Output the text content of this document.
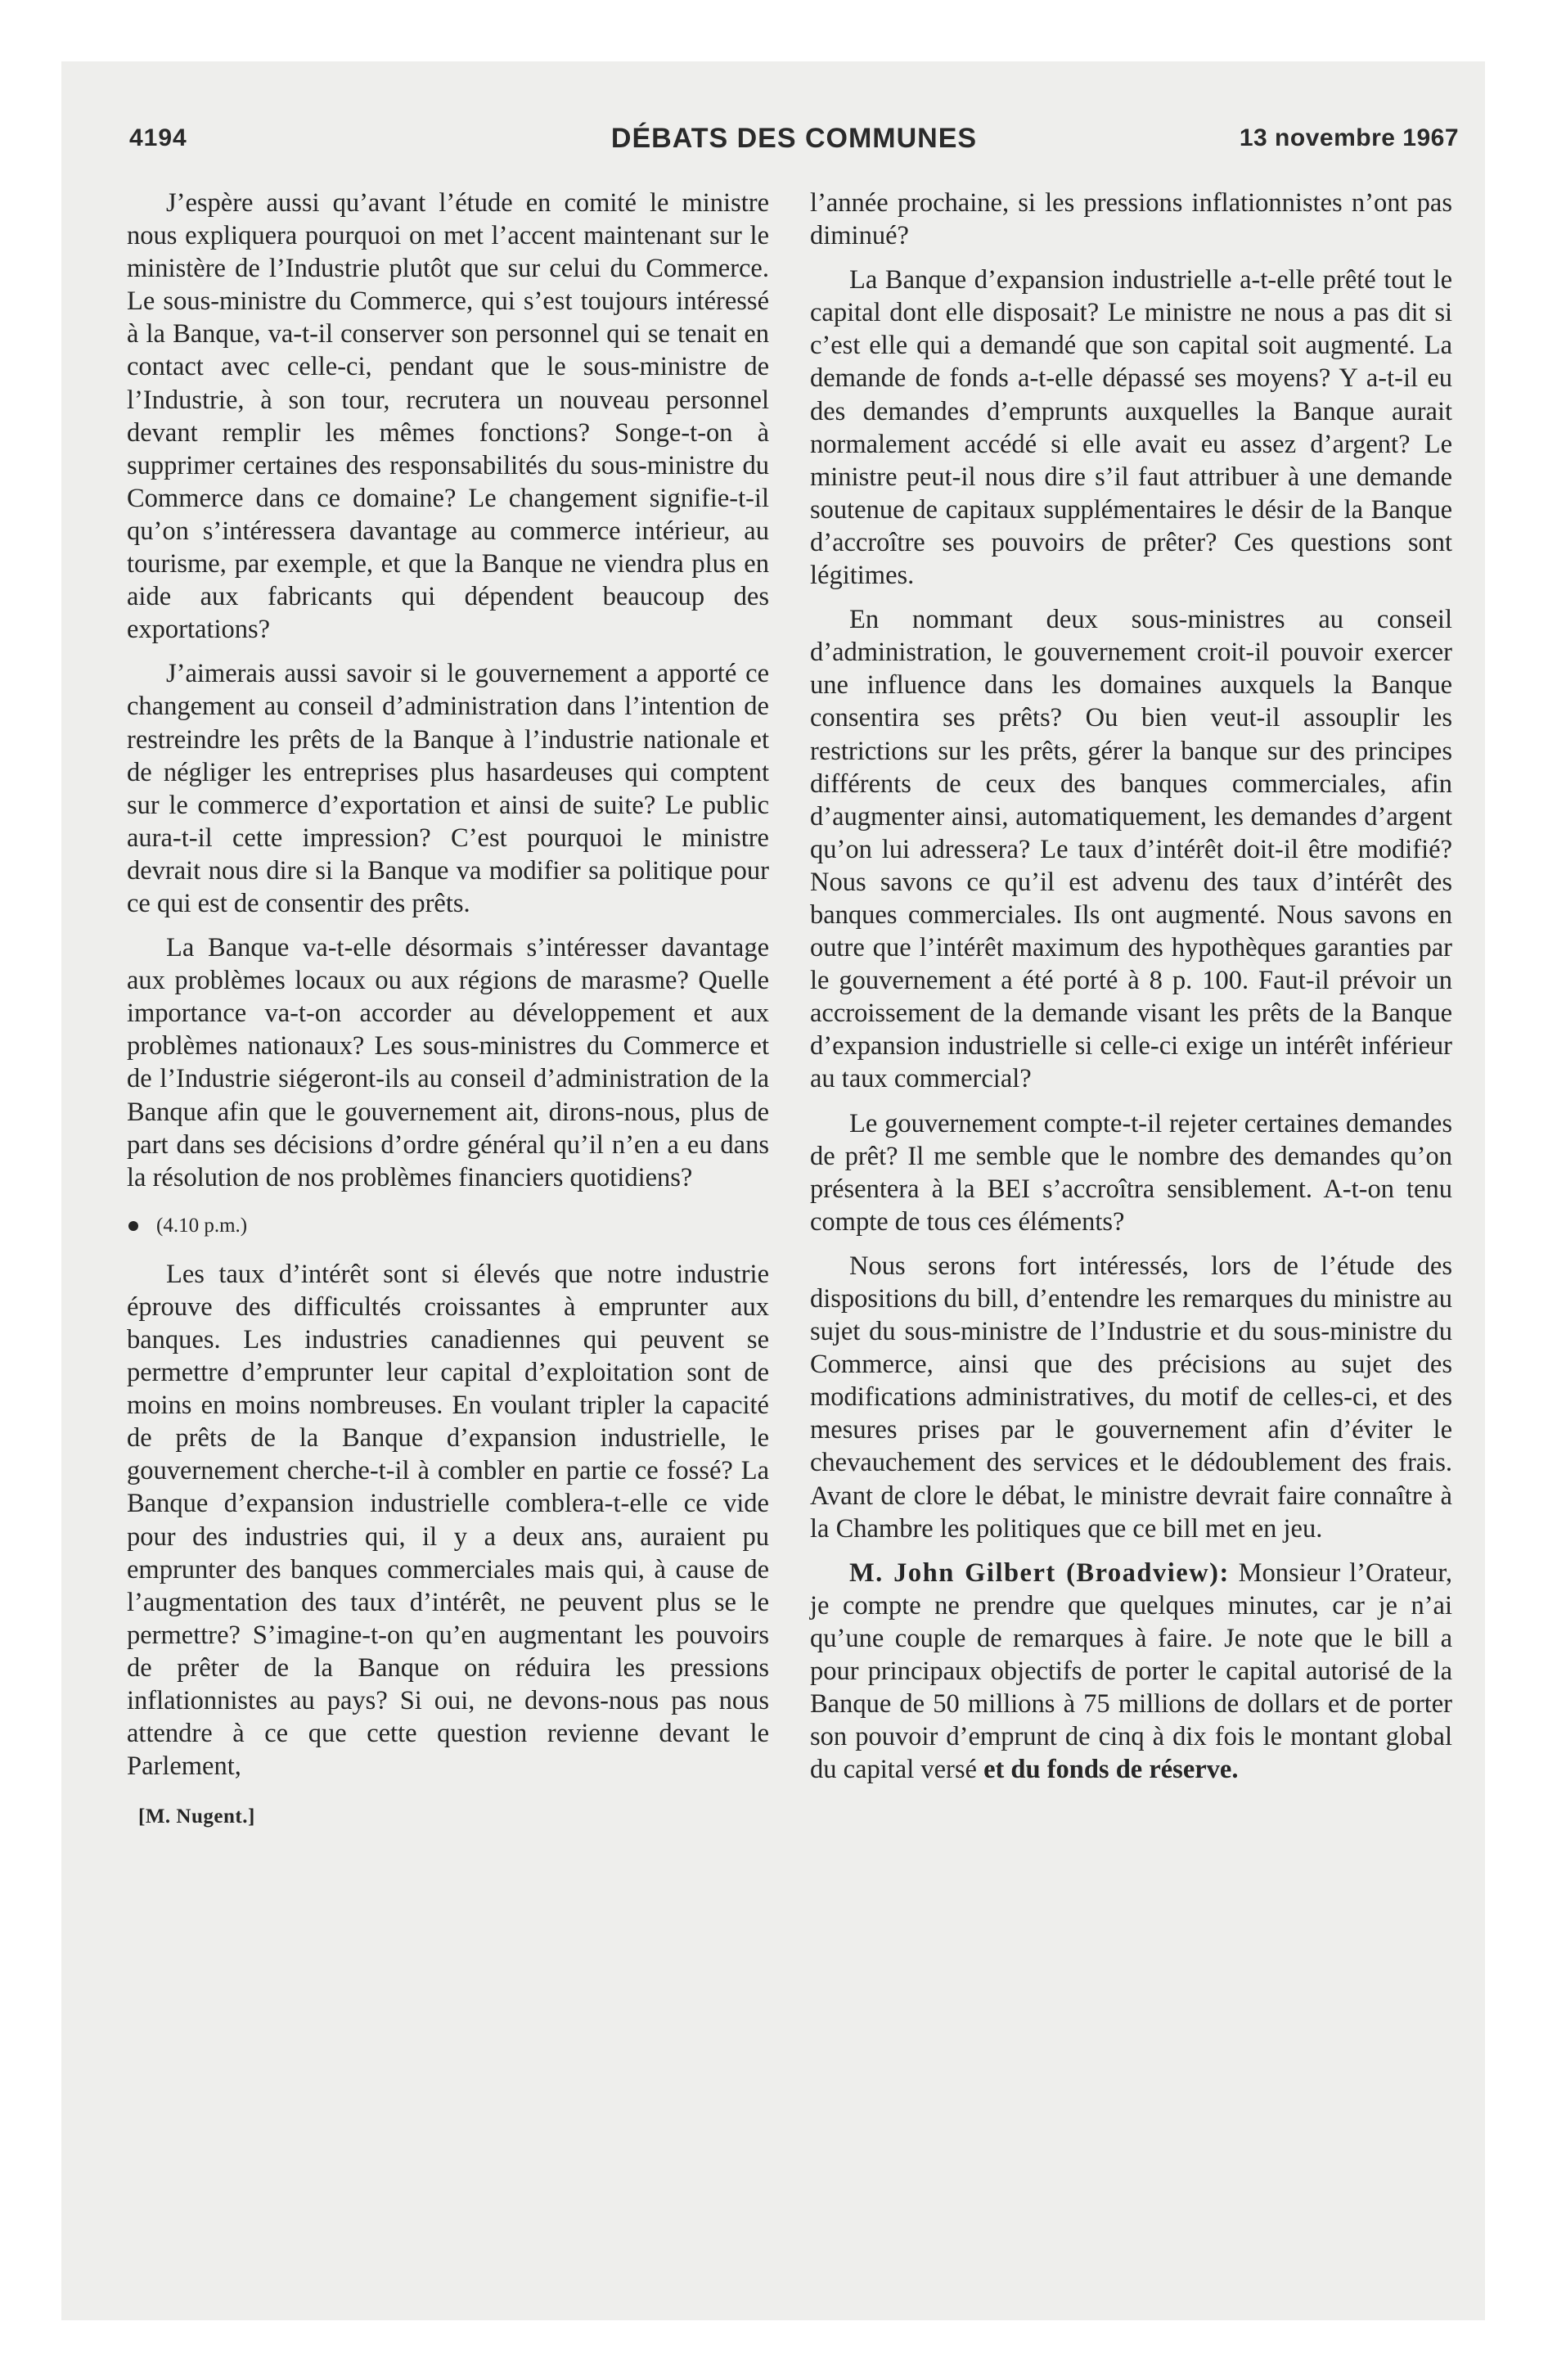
4194	DÉBATS DES COMMUNES	13 novembre 1967

J’espère aussi qu’avant l’étude en comité le ministre nous expliquera pourquoi on met l’accent maintenant sur le ministère de l’Industrie plutôt que sur celui du Commerce. Le sous-ministre du Commerce, qui s’est toujours intéressé à la Banque, va-t-il conserver son personnel qui se tenait en contact avec celle-ci, pendant que le sous-ministre de l’Industrie, à son tour, recrutera un nouveau personnel devant remplir les mêmes fonctions? Songe-t-on à supprimer certaines des responsabilités du sous-ministre du Commerce dans ce domaine? Le changement signifie-t-il qu’on s’intéressera davantage au commerce intérieur, au tourisme, par exemple, et que la Banque ne viendra plus en aide aux fabricants qui dépendent beaucoup des exportations?

J’aimerais aussi savoir si le gouvernement a apporté ce changement au conseil d’administration dans l’intention de restreindre les prêts de la Banque à l’industrie nationale et de négliger les entreprises plus hasardeuses qui comptent sur le commerce d’exportation et ainsi de suite? Le public aura-t-il cette impression? C’est pourquoi le ministre devrait nous dire si la Banque va modifier sa politique pour ce qui est de consentir des prêts.

La Banque va-t-elle désormais s’intéresser davantage aux problèmes locaux ou aux régions de marasme? Quelle importance va-t-on accorder au développement et aux problèmes nationaux? Les sous-ministres du Commerce et de l’Industrie siégeront-ils au conseil d’administration de la Banque afin que le gouvernement ait, dirons-nous, plus de part dans ses décisions d’ordre général qu’il n’en a eu dans la résolution de nos problèmes financiers quotidiens?

(4.10 p.m.)

Les taux d’intérêt sont si élevés que notre industrie éprouve des difficultés croissantes à emprunter aux banques. Les industries canadiennes qui peuvent se permettre d’emprunter leur capital d’exploitation sont de moins en moins nombreuses. En voulant tripler la capacité de prêts de la Banque d’expansion industrielle, le gouvernement cherche-t-il à combler en partie ce fossé? La Banque d’expansion industrielle comblera-t-elle ce vide pour des industries qui, il y a deux ans, auraient pu emprunter des banques commerciales mais qui, à cause de l’augmentation des taux d’intérêt, ne peuvent plus se le permettre? S’imagine-t-on qu’en augmentant les pouvoirs de prêter de la Banque on réduira les pressions inflationnistes au pays? Si oui, ne devons-nous pas nous attendre à ce que cette question revienne devant le Parlement,

[M. Nugent.]

l’année prochaine, si les pressions inflationnistes n’ont pas diminué?

La Banque d’expansion industrielle a-t-elle prêté tout le capital dont elle disposait? Le ministre ne nous a pas dit si c’est elle qui a demandé que son capital soit augmenté. La demande de fonds a-t-elle dépassé ses moyens? Y a-t-il eu des demandes d’emprunts auxquelles la Banque aurait normalement accédé si elle avait eu assez d’argent? Le ministre peut-il nous dire s’il faut attribuer à une demande soutenue de capitaux supplémentaires le désir de la Banque d’accroître ses pouvoirs de prêter? Ces questions sont légitimes.

En nommant deux sous-ministres au conseil d’administration, le gouvernement croit-il pouvoir exercer une influence dans les domaines auxquels la Banque consentira ses prêts? Ou bien veut-il assouplir les restrictions sur les prêts, gérer la banque sur des principes différents de ceux des banques commerciales, afin d’augmenter ainsi, automatiquement, les demandes d’argent qu’on lui adressera? Le taux d’intérêt doit-il être modifié? Nous savons ce qu’il est advenu des taux d’intérêt des banques commerciales. Ils ont augmenté. Nous savons en outre que l’intérêt maximum des hypothèques garanties par le gouvernement a été porté à 8 p. 100. Faut-il prévoir un accroissement de la demande visant les prêts de la Banque d’expansion industrielle si celle-ci exige un intérêt inférieur au taux commercial?

Le gouvernement compte-t-il rejeter certaines demandes de prêt? Il me semble que le nombre des demandes qu’on présentera à la BEI s’accroîtra sensiblement. A-t-on tenu compte de tous ces éléments?

Nous serons fort intéressés, lors de l’étude des dispositions du bill, d’entendre les remarques du ministre au sujet du sous-ministre de l’Industrie et du sous-ministre du Commerce, ainsi que des précisions au sujet des modifications administratives, du motif de celles-ci, et des mesures prises par le gouvernement afin d’éviter le chevauchement des services et le dédoublement des frais. Avant de clore le débat, le ministre devrait faire connaître à la Chambre les politiques que ce bill met en jeu.

M. John Gilbert (Broadview): Monsieur l’Orateur, je compte ne prendre que quelques minutes, car je n’ai qu’une couple de remarques à faire. Je note que le bill a pour principaux objectifs de porter le capital autorisé de la Banque de 50 millions à 75 millions de dollars et de porter son pouvoir d’emprunt de cinq à dix fois le montant global du capital versé et du fonds de réserve.
